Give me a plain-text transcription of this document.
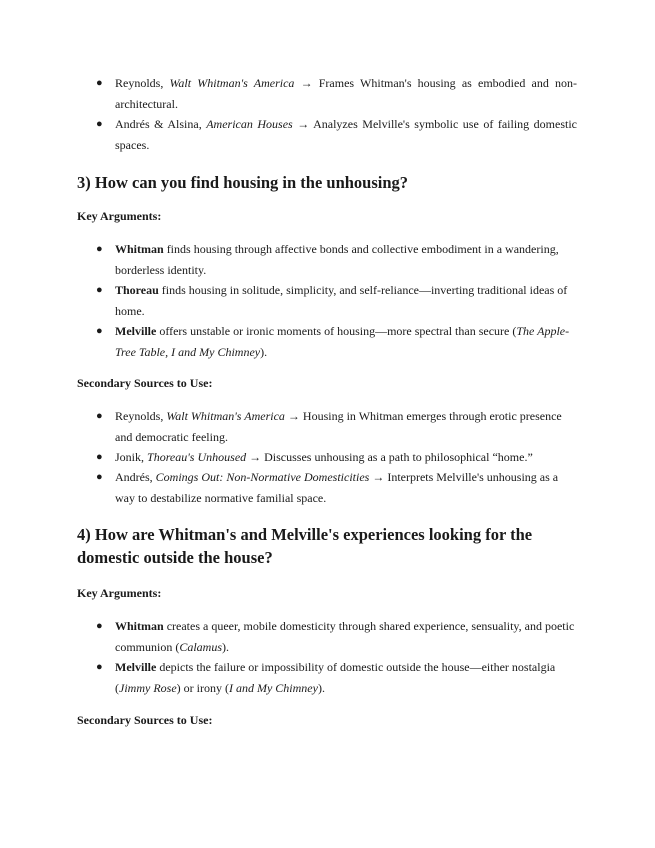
● Reynolds, Walt Whitman's America → Frames Whitman's housing as embodied and non-architectural.
● Andrés & Alsina, American Houses → Analyzes Melville's symbolic use of failing domestic spaces.
3) How can you find housing in the unhousing?
Key Arguments:
● Whitman finds housing through affective bonds and collective embodiment in a wandering, borderless identity.
● Thoreau finds housing in solitude, simplicity, and self-reliance—inverting traditional ideas of home.
● Melville offers unstable or ironic moments of housing—more spectral than secure (The Apple-Tree Table, I and My Chimney).
Secondary Sources to Use:
● Reynolds, Walt Whitman's America → Housing in Whitman emerges through erotic presence and democratic feeling.
● Jonik, Thoreau's Unhoused → Discusses unhousing as a path to philosophical “home.”
● Andrés, Comings Out: Non-Normative Domesticities → Interprets Melville's unhousing as a way to destabilize normative familial space.
4) How are Whitman's and Melville's experiences looking for the domestic outside the house?
Key Arguments:
● Whitman creates a queer, mobile domesticity through shared experience, sensuality, and poetic communion (Calamus).
● Melville depicts the failure or impossibility of domestic outside the house—either nostalgia (Jimmy Rose) or irony (I and My Chimney).
Secondary Sources to Use:
